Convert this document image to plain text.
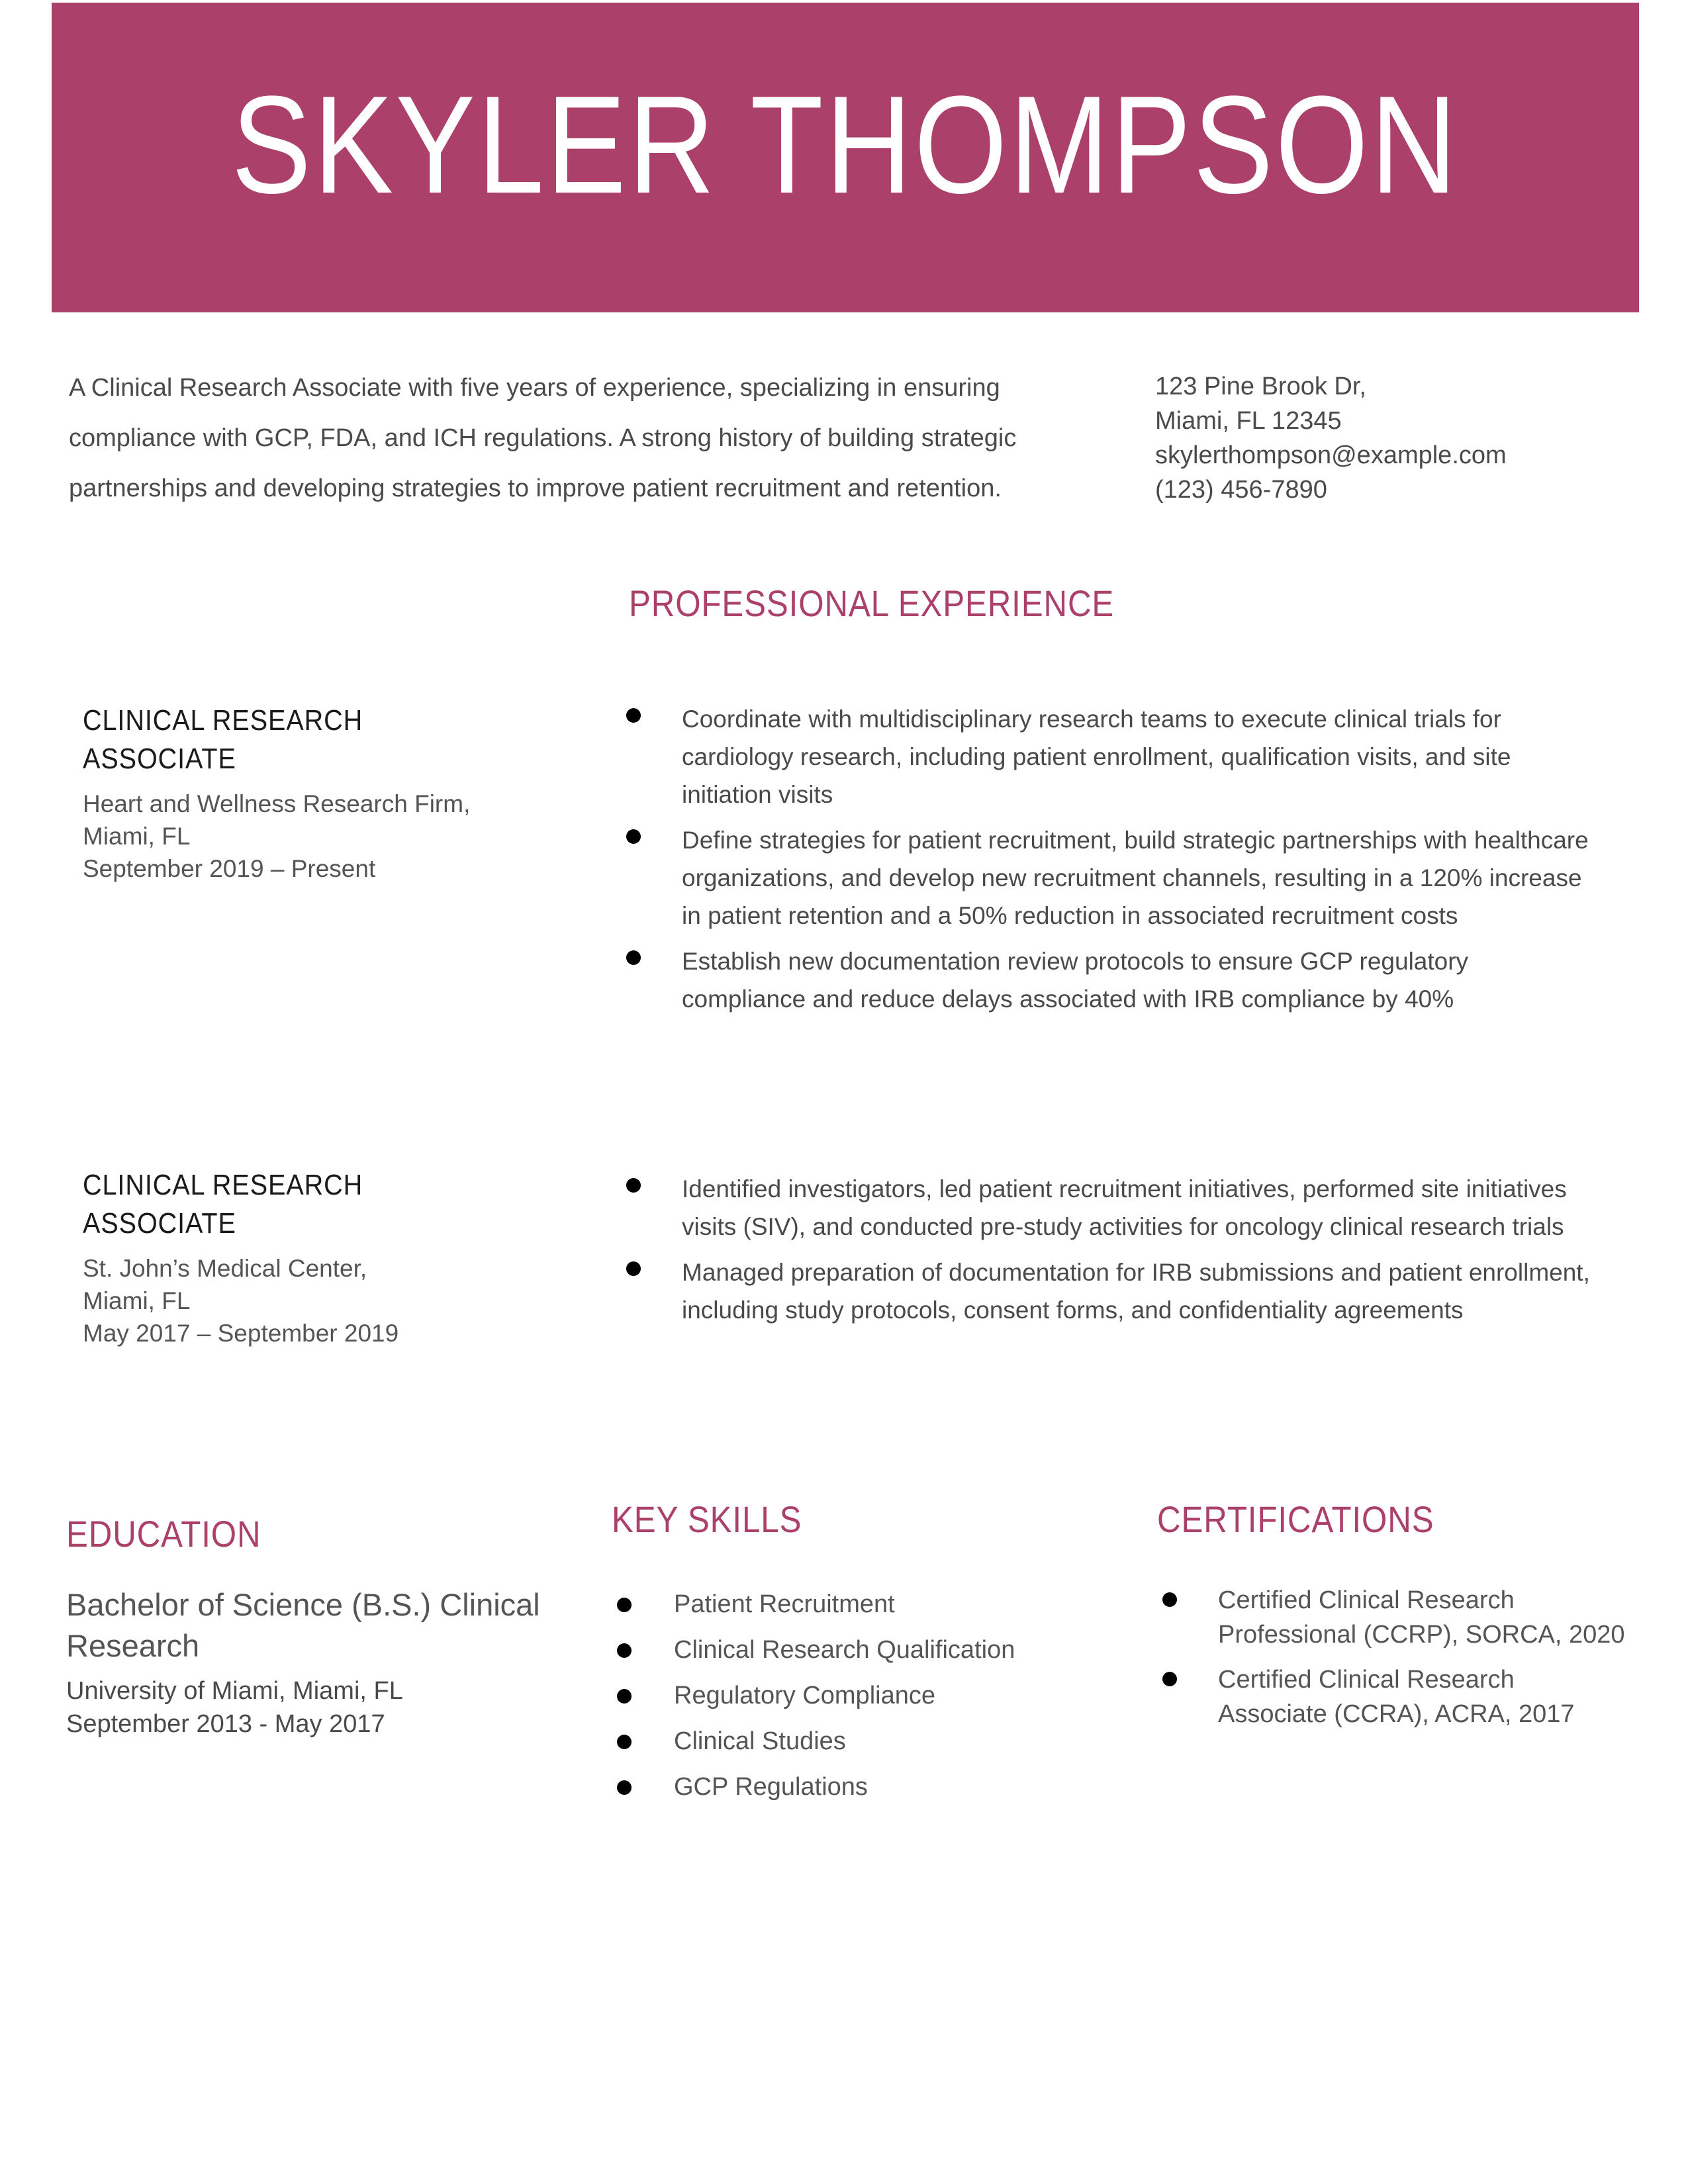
SKYLER THOMPSON
A Clinical Research Associate with five years of experience, specializing in ensuring compliance with GCP, FDA, and ICH regulations. A strong history of building strategic partnerships and developing strategies to improve patient recruitment and retention.
123 Pine Brook Dr,
Miami, FL 12345
skylerthompson@example.com
(123) 456-7890
PROFESSIONAL EXPERIENCE
CLINICAL RESEARCH ASSOCIATE
Heart and Wellness Research Firm,
Miami, FL
September 2019 – Present
Coordinate with multidisciplinary research teams to execute clinical trials for cardiology research, including patient enrollment, qualification visits, and site initiation visits
Define strategies for patient recruitment, build strategic partnerships with healthcare organizations, and develop new recruitment channels, resulting in a 120% increase in patient retention and a 50% reduction in associated recruitment costs
Establish new documentation review protocols to ensure GCP regulatory compliance and reduce delays associated with IRB compliance by 40%
CLINICAL RESEARCH ASSOCIATE
St. John’s Medical Center,
Miami, FL
May 2017 – September 2019
Identified investigators, led patient recruitment initiatives, performed site initiatives visits (SIV), and conducted pre-study activities for oncology clinical research trials
Managed preparation of documentation for IRB submissions and patient enrollment, including study protocols, consent forms, and confidentiality agreements
EDUCATION
Bachelor of Science (B.S.) Clinical Research
University of Miami, Miami, FL
September 2013 - May 2017
KEY SKILLS
Patient Recruitment
Clinical Research Qualification
Regulatory Compliance
Clinical Studies
GCP Regulations
CERTIFICATIONS
Certified Clinical Research Professional (CCRP), SORCA, 2020
Certified Clinical Research Associate (CCRA), ACRA, 2017
